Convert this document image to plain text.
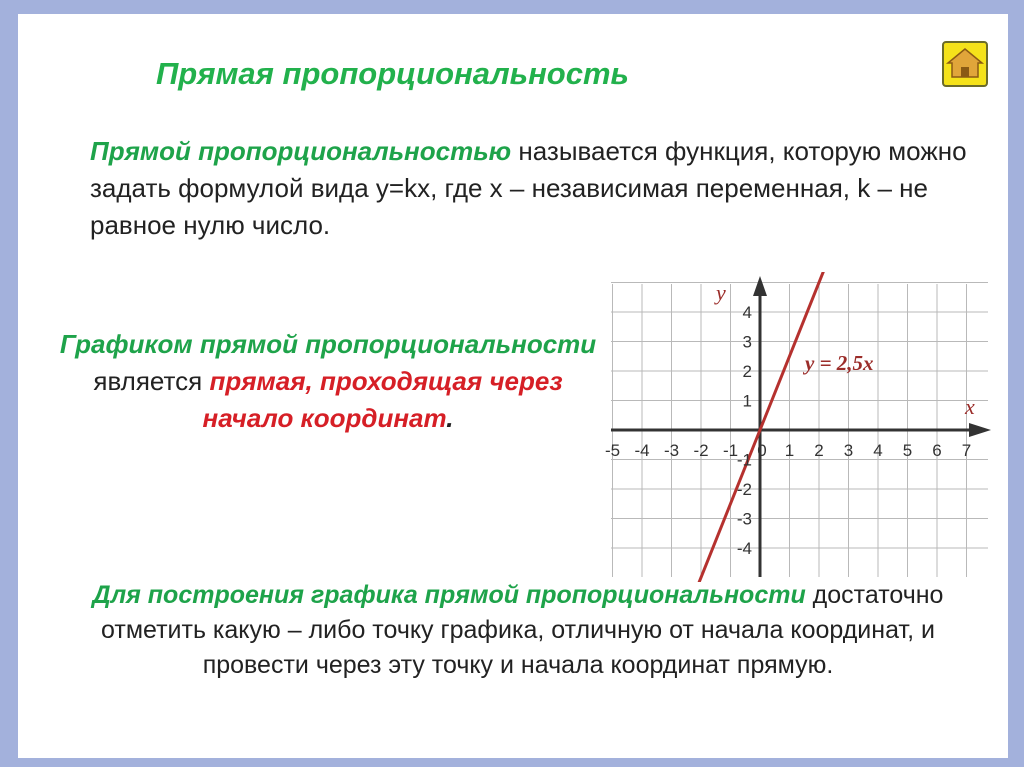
Прямая пропорциональность
Прямой пропорциональностью называется функция, которую можно задать формулой вида y=kx, где x – независимая переменная, k – не равное нулю число.
Графиком прямой пропорциональности является прямая, проходящая через начало координат.
-5 -4 -3 -2 -1 0 1 2 3 4 5 6 7
-4
-3
-2
-1
1
2
3
4
x
y
y = 2,5x
Для построения графика прямой пропорциональности достаточно отметить какую – либо точку графика, отличную от начала координат, и провести через эту точку и начала координат прямую.
